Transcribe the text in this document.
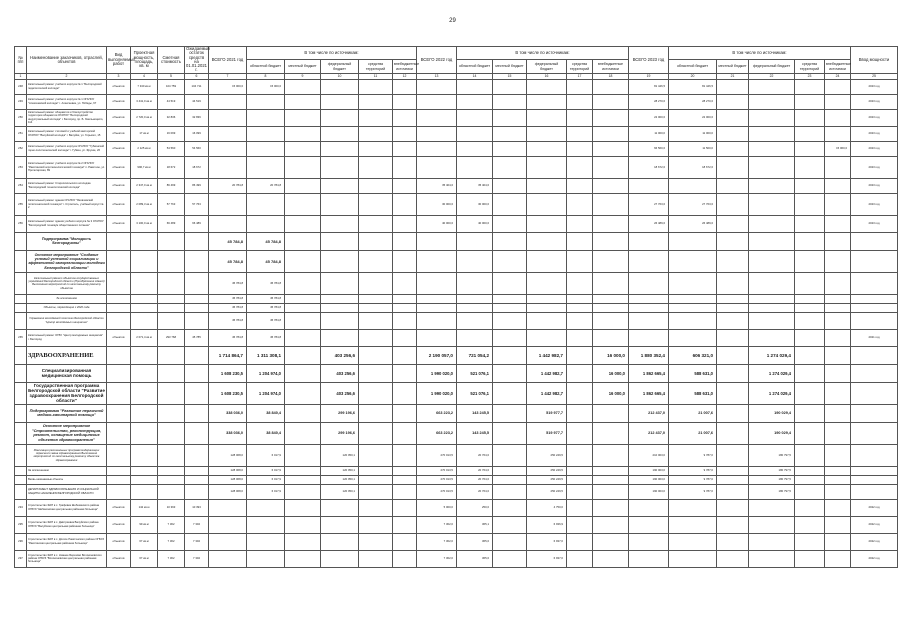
29
№ п/п	Наименование заказчиков, отраслей, объектов	Вид выполняемых работ	Проектная мощность, площадь, кв. м	Сметная стоимость	Ожидаемый остаток средств на 01.01.2021 г.	ВСЕГО 2021 год	В том числе по источникам:					ВСЕГО 2022 год	В том числе по источникам:					ВСЕГО 2023 год	В том числе по источникам:					Ввод мощности
							областной бюджет	местный бюджет	федеральный бюджет	средства территорий	внебюджетные источники		областной бюджет	местный бюджет	федеральный бюджет	средства территорий	внебюджетные источники		областной бюджет	местный бюджет	федеральный бюджет	средства территорий	внебюджетные источники	
1	2	3	4	5	6	7	8	9	10	11	12	13	14	15	16	17	18	19	20	21	22	23	24	25
248	Капитальный ремонт учебного корпуса № 1 "Белгородский педагогический колледж"	объектов	7 340 кв.м	104 759	104 711	15 000,0	15 000,0											81 446,5	81 446,5					2023 год
249	Капитальный ремонт учебного корпуса № 1 ОГАПОУ "Алексеевский колледж" г. Алексеевка, ул. Победы, 67	объектов	3 441,0 кв.м	44 519	44 519													28 270,0	28 270,0					2023 год
250	Капитальный ремонт общежития и благоустройство территории общежития ОГАПОУ "Белгородский индустриальный колледж" г. Белгород, пр. Б. Хмельницкого, 114	объектов	2 720,0 кв.м	32 836	32 836													22 000,0	22 000,0					2023 год
251	Капитальный ремонт столовой и учебной мастерской ОГАПОУ "Валуйский колледж" г. Валуйки, ул. Горького, 15	объектов	17 кв.м	16 099	16 099													11 000,0	11 000,0					2023 год
252	Капитальный ремонт учебного корпуса ОГАПОУ "Губкинский горно-политехнический колледж" г. Губкин, ул. Фрунзе, 26	объектов	2 125 кв.м	54 560	54 560													66 560,0	11 500,0				15 060,0	2023 год
253	Капитальный ремонт учебного корпуса № 2 ОГАПОУ "Ракитянский агротехнологический техникум" п. Ракитное, ул. Пролетарская, 89	объектов	996,7 кв.м	18 672	18 672													18 672,0	18 672,0					2023 год
254	Капитальный ремонт Старооскольского колледжа "Белгородский технологический колледж"	объектов	2 347,0 кв.м	86 499	86 499	20 784,8	20 784,8					35 404,0	35 404,0											2023 год
255	Капитальный ремонт здания ОГАПОУ "Яковлевский политехнический техникум" г. Строитель, учебный корпус № 2	объектов	2 089,3 кв.м	57 763	57 763							30 000,0	30 000,0					27 763,0	27 763,0					2023 год
256	Капитальный ремонт здания учебного корпуса № 3 ОГАПОУ "Белгородский техникум общественного питания"	объектов	3 100,0 кв.м	66 489	66 489							40 000,0	40 000,0					26 489,0	26 489,0					2023 год
	Подпрограмма "Молодость Белгородчины"					45 784,8	45 784,8																	
	Основное мероприятие "Создание условий успешной социализации и эффективной самореализации молодежи Белгородской области"					45 784,8	45 784,8																	
	Капитальный ремонт объектов государственных учреждений Белгородской области (Приобретение зданий) Выполнение мероприятий по капитальному ремонту объектов					45 784,8	45 784,8																	
	За исключением					45 784,8	45 784,8																	
	Объекты, переходящие с 2020 года					45 784,8	45 784,8																	
	Управление молодежной политики Белгородской области "Центр молодежных инициатив"					45 784,8	45 784,8																	
265	Капитальный ремонт ОГБУ "Центр молодежных инициатив" г. Белгород	объектов	2 071,4 кв.м	293 768	45 785	45 784,8	45 784,8																	2021 год
	ЗДРАВООХРАНЕНИЕ					1 714 864,7	1 311 308,1		403 256,6			2 190 057,0	721 054,2		1 442 982,7		16 000,0	1 880 352,4	606 321,0		1 274 029,4			
	Специализированная медицинская помощь					1 608 230,5	1 204 974,0		403 256,6			1 990 020,0	521 076,1		1 442 982,7		16 000,0	1 862 665,4	588 631,0		1 274 029,4			
	Государственная программа Белгородской области "Развитие здравоохранения Белгородской области"					1 608 230,5	1 204 974,0		403 256,6			1 990 020,0	521 076,1		1 442 982,7		16 000,0	1 862 665,4	588 631,0		1 274 029,4			
	Подпрограмма "Развитие первичной медико-санитарной помощи"					338 036,0	38 840,4		299 196,6			663 223,2	143 245,5		519 977,7			212 437,0	21 007,6		190 029,4			
	Основное мероприятие "Строительство, реконструкция, ремонт, оснащение медицинских объектов здравоохранения"					338 036,0	38 840,4		299 196,6			663 223,2	143 245,5		519 977,7			212 437,0	21 007,6		190 029,4			
	Реализация региональных программ модернизации первичного звена здравоохранения Выполнение мероприятий по капитальному ремонту объектов здравоохранения					128 068,0	6 017,9		120 050,1			270 013,5	20 764,0		250 249,5			210 003,0	9 787,0		180 797,5			
	За исключением					128 068,0	6 017,9		120 050,1			270 013,5	20 764,0		250 249,5			190 003,0	9 787,0		180 797,5			
	Вновь начинаемые объекты					128 068,0	6 017,9		120 050,1			270 013,5	20 764,0		250 249,5			190 003,0	9 787,0		180 797,5			
	ДЕПАРТАМЕНТ ЗДРАВООХРАНЕНИЯ И СОЦИАЛЬНОЙ ЗАЩИТЫ НАСЕЛЕНИЯ БЕЛГОРОДСКОЙ ОБЛАСТИ					128 068,0	6 017,9		120 050,1			270 013,5	20 764,0		250 249,5			190 003,0	9 787,0		180 797,5			
294	Строительство ФАП в с. Графовка Шебекинского района ОГБУЗ "Шебекинская центральная районная больница"	объектов	142 кв.м	10 393	10 393							5 000,0	250,0		4 750,0									2022 год
295	Строительство ФАП в с. Дмитриевка Валуйского района ОГБУЗ "Валуйская центральная районная больница"	объектов	99 кв.м	7 302	7 302							7 302,0	365,1		6 936,9									2022 год
296	Строительство ФАП в с. Долгое Ракитянского района ОГБУЗ "Ракитянская центральная районная больница"	объектов	67 кв.м	7 302	7 302							7 302,0	365,0		6 937,0									2022 год
297	Строительство ФАП в с. Нижнее Березово Волоконовского района ОГБУЗ "Волоконовская центральная районная больница"	объектов	67 кв.м	7 302	7 302							7 302,0	365,0		6 937,0									2022 год
